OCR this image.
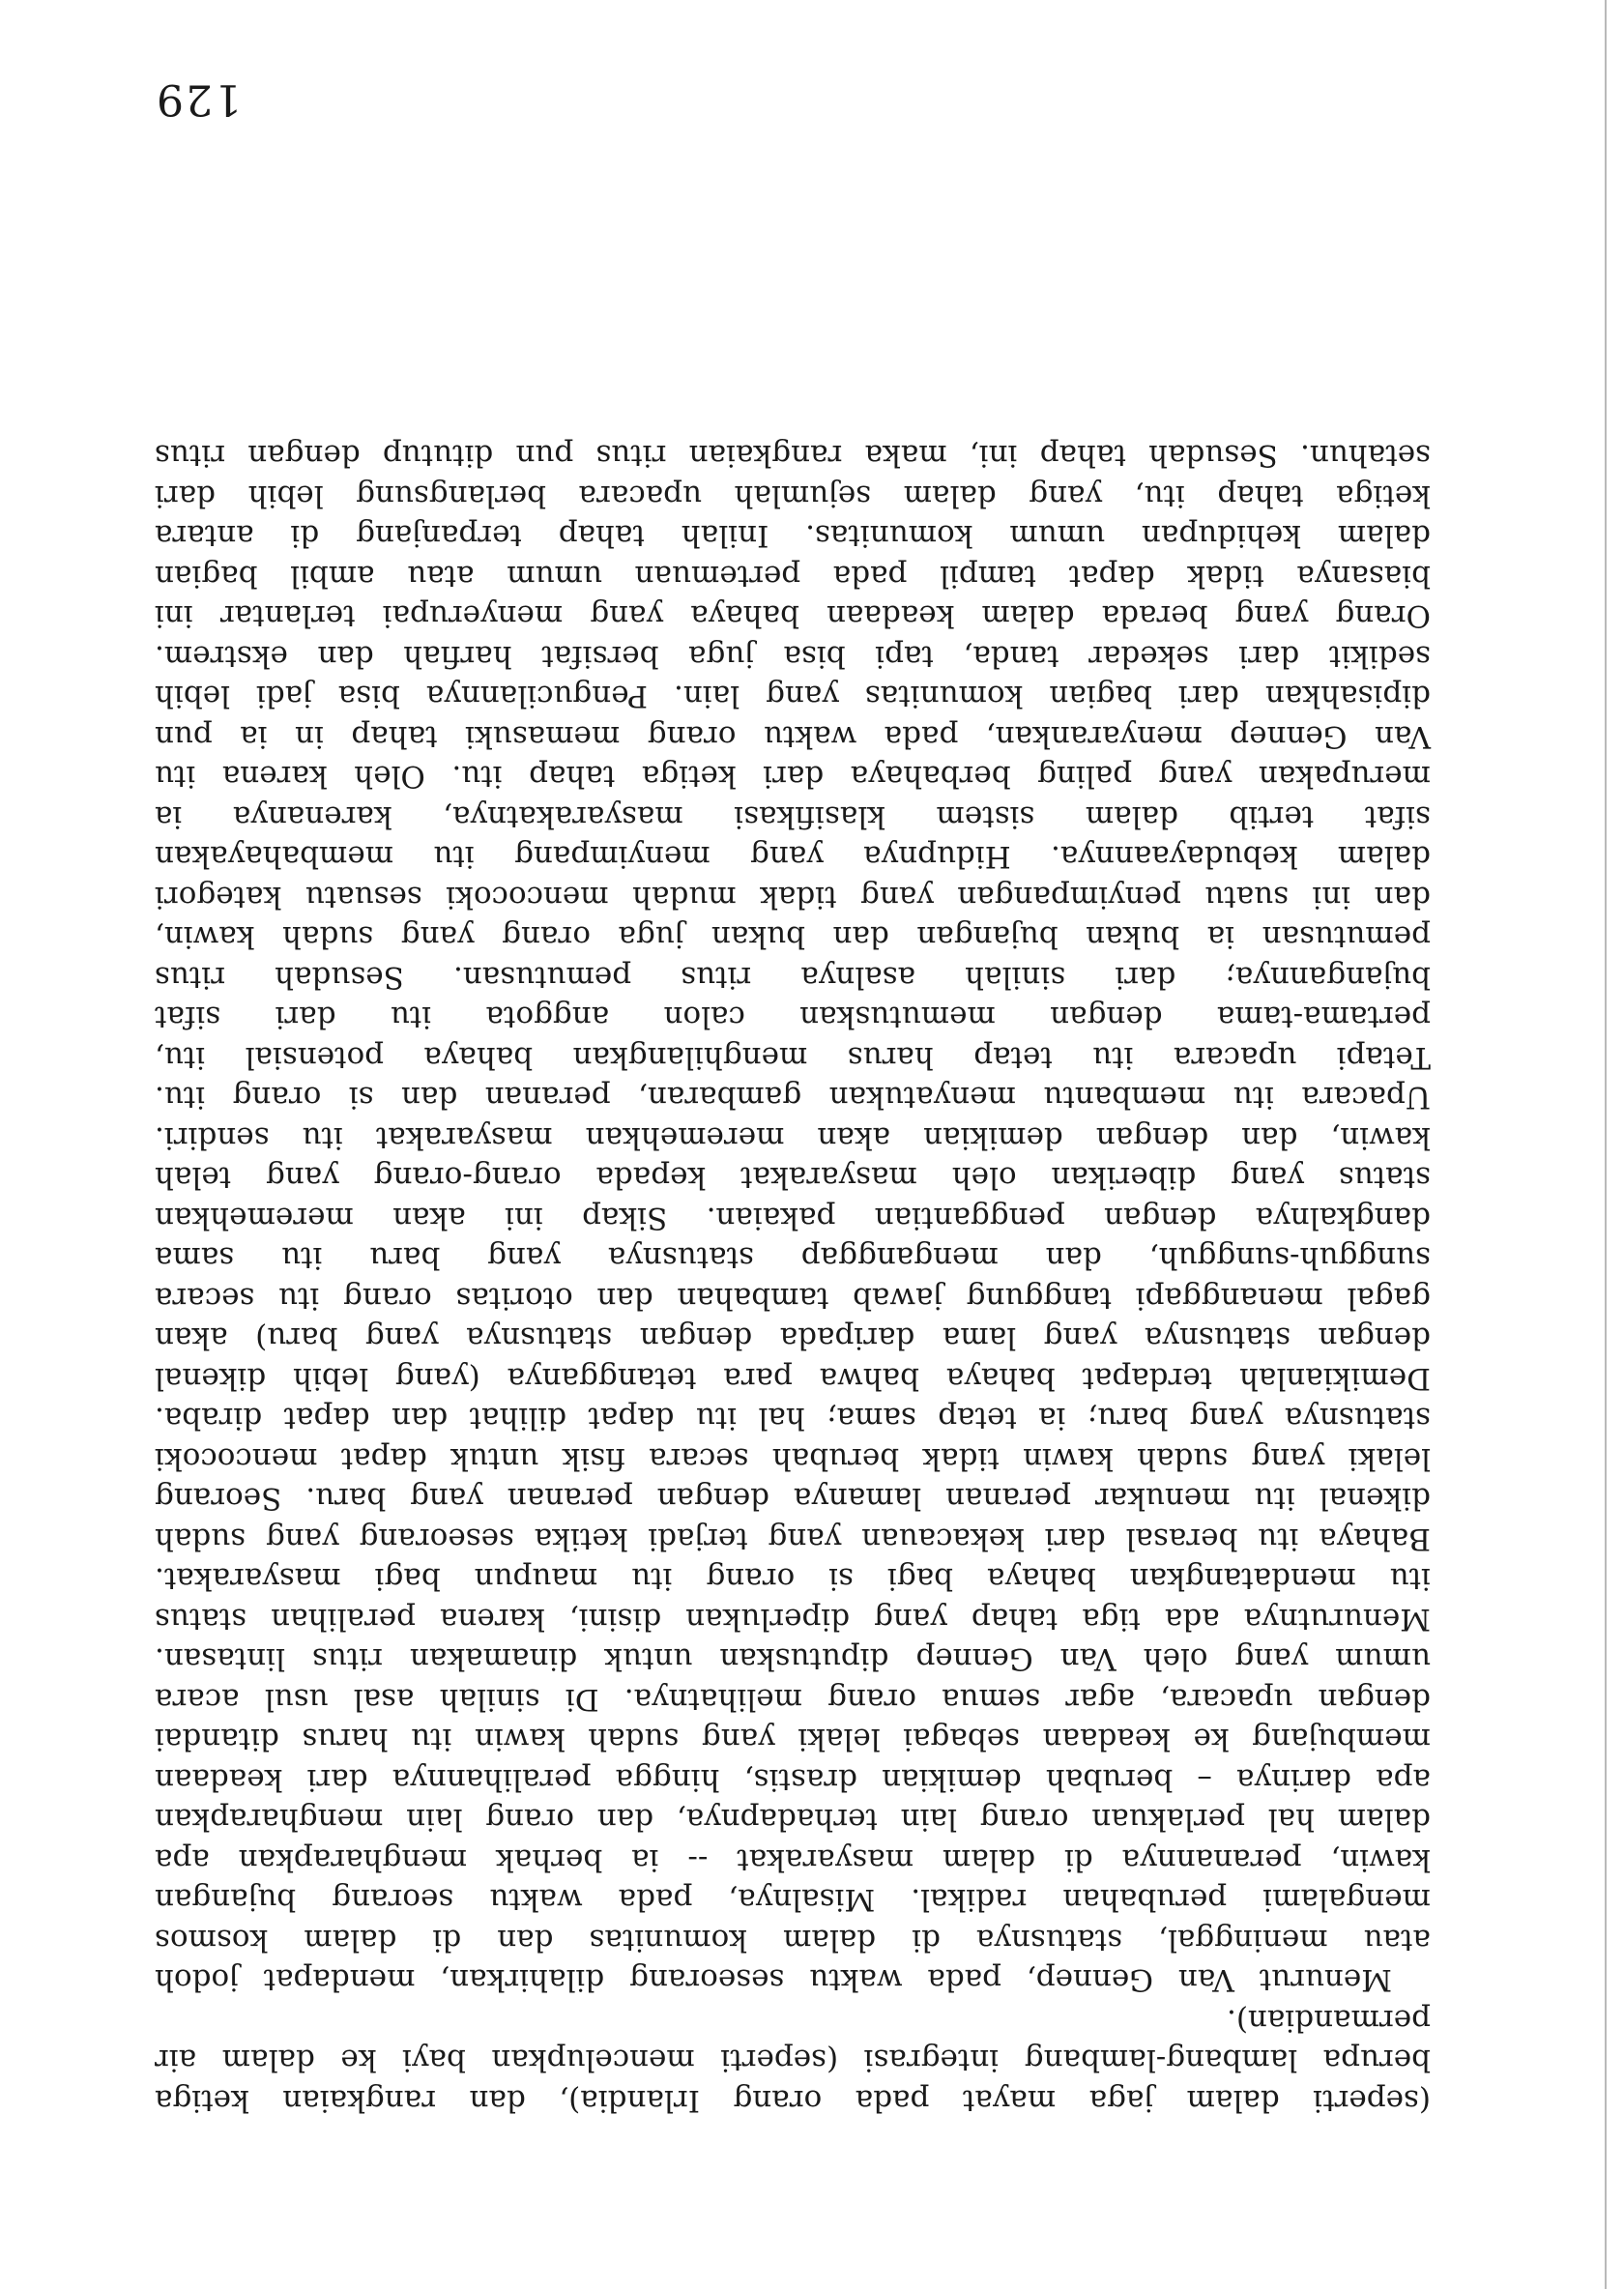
129
(seperti dalam jaga mayat pada orang Irlandia), dan rangkaian ketiga
berupa lambang-lambang integrasi (seperti mencelupkan bayi ke dalam air
permandian).
Menurut Van Gennep, pada waktu seseorang dilahirkan, mendapat jodoh
atau meninggal, statusnya di dalam komunitas dan di dalam kosmos
mengalami perubahan radikal. Misalnya, pada waktu seorang bujangan
kawin, peranannya di dalam masyarakat -- ia berhak mengharapkan apa
dalam hal perlakuan orang lain terhadapnya, dan orang lain mengharapkan
apa darinya – berubah demikian drastis, hingga peralihannya dari keadaan
membujang ke keadaan sebagai lelaki yang sudah kawin itu harus ditandai
dengan upacara, agar semua orang melihatnya. Di sinilah asal usul acara
umum yang oleh Van Gennep diputuskan untuk dinamakan ritus lintasan.
Menurutnya ada tiga tahap yang diperlukan disini, karena peralihan status
itu mendatangkan bahaya bagi si orang itu maupun bagi masyarakat.
Bahaya itu berasal dari kekacauan yang terjadi ketika seseorang yang sudah
dikenal itu menukar peranan lamanya dengan peranan yang baru. Seorang
lelaki yang sudah kawin tidak berubah secara fisik untuk dapat mencocoki
statusnya yang baru; ia tetap sama; hal itu dapat dilihat dan dapat diraba.
Demikianlah terdapat bahaya bahwa para tetangganya (yang lebih dikenal
dengan statusnya yang lama daripada dengan statusnya yang baru) akan
gagal menanggapi tanggung jawab tambahan dan otoritas orang itu secara
sungguh-sungguh, dan menganggap statusnya yang baru itu sama
dangkalnya dengan penggantian pakaian. Sikap ini akan meremehkan
status yang diberikan oleh masyarakat kepada orang-orang yang telah
kawin, dan dengan demikian akan meremehkan masyarakat itu sendiri.
Upacara itu membantu menyatukan gambaran, peranan dan si orang itu.
Tetapi upacara itu tetap harus menghilangkan bahaya potensial itu,
pertama-tama dengan memutuskan calon anggota itu dari sifat
bujangannya; dari sinilah asalnya ritus pemutusan. Sesudah ritus
pemutusan ia bukan bujangan dan bukan juga orang yang sudah kawin,
dan ini suatu penyimpangan yang tidak mudah mencocoki sesuatu kategori
dalam kebudayaannya. Hidupnya yang menyimpang itu membahayakan
sifat tertib dalam sistem klasifikasi masyarakatnya, karenanya ia
merupakan yang paling berbahaya dari ketiga tahap itu. Oleh karena itu
Van Gennep menyarankan, pada waktu orang memasuki tahap in ia pun
dipisahkan dari bagian komunitas yang lain. Pengucilannya bisa jadi lebih
sedikit dari sekedar tanda, tapi bisa juga bersifat harfiah dan ekstrem.
Orang yang berada dalam keadaan bahaya yang menyerupai terlantar ini
biasanya tidak dapat tampil pada pertemuan umum atau ambil bagian
dalam kehidupan umum komunitas. Inilah tahap terpanjang di antara
ketiga tahap itu, yang dalam sejumlah upacara berlangsung lebih dari
setahun. Sesudah tahap ini, maka rangkaian ritus pun ditutup dengan ritus
